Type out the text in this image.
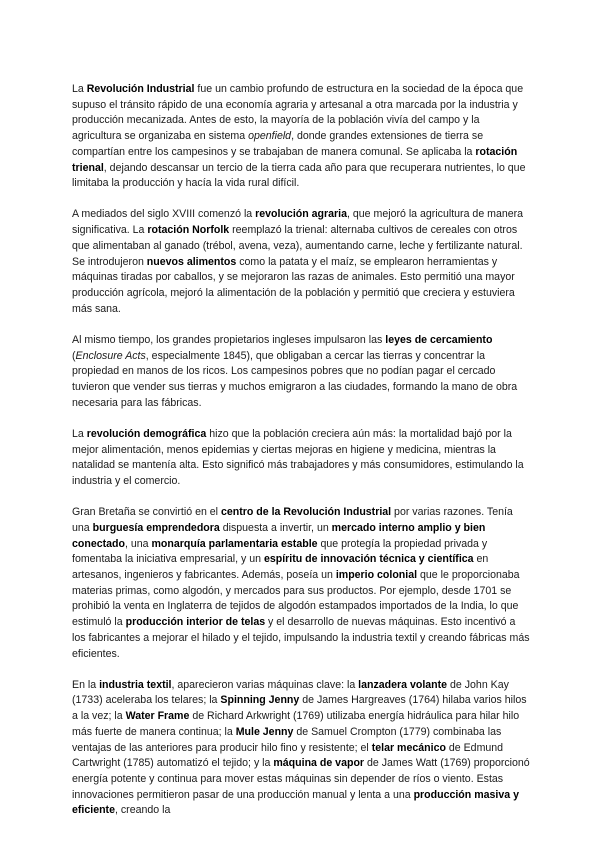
La Revolución Industrial fue un cambio profundo de estructura en la sociedad de la época que supuso el tránsito rápido de una economía agraria y artesanal a otra marcada por la industria y producción mecanizada. Antes de esto, la mayoría de la población vivía del campo y la agricultura se organizaba en sistema openfield, donde grandes extensiones de tierra se compartían entre los campesinos y se trabajaban de manera comunal. Se aplicaba la rotación trienal, dejando descansar un tercio de la tierra cada año para que recuperara nutrientes, lo que limitaba la producción y hacía la vida rural difícil.

A mediados del siglo XVIII comenzó la revolución agraria, que mejoró la agricultura de manera significativa. La rotación Norfolk reemplazó la trienal: alternaba cultivos de cereales con otros que alimentaban al ganado (trébol, avena, veza), aumentando carne, leche y fertilizante natural. Se introdujeron nuevos alimentos como la patata y el maíz, se emplearon herramientas y máquinas tiradas por caballos, y se mejoraron las razas de animales. Esto permitió una mayor producción agrícola, mejoró la alimentación de la población y permitió que creciera y estuviera más sana.

Al mismo tiempo, los grandes propietarios ingleses impulsaron las leyes de cercamiento (Enclosure Acts, especialmente 1845), que obligaban a cercar las tierras y concentrar la propiedad en manos de los ricos. Los campesinos pobres que no podían pagar el cercado tuvieron que vender sus tierras y muchos emigraron a las ciudades, formando la mano de obra necesaria para las fábricas.

La revolución demográfica hizo que la población creciera aún más: la mortalidad bajó por la mejor alimentación, menos epidemias y ciertas mejoras en higiene y medicina, mientras la natalidad se mantenía alta. Esto significó más trabajadores y más consumidores, estimulando la industria y el comercio.

Gran Bretaña se convirtió en el centro de la Revolución Industrial por varias razones. Tenía una burguesía emprendedora dispuesta a invertir, un mercado interno amplio y bien conectado, una monarquía parlamentaria estable que protegía la propiedad privada y fomentaba la iniciativa empresarial, y un espíritu de innovación técnica y científica en artesanos, ingenieros y fabricantes. Además, poseía un imperio colonial que le proporcionaba materias primas, como algodón, y mercados para sus productos. Por ejemplo, desde 1701 se prohibió la venta en Inglaterra de tejidos de algodón estampados importados de la India, lo que estimuló la producción interior de telas y el desarrollo de nuevas máquinas. Esto incentivó a los fabricantes a mejorar el hilado y el tejido, impulsando la industria textil y creando fábricas más eficientes.

En la industria textil, aparecieron varias máquinas clave: la lanzadera volante de John Kay (1733) aceleraba los telares; la Spinning Jenny de James Hargreaves (1764) hilaba varios hilos a la vez; la Water Frame de Richard Arkwright (1769) utilizaba energía hidráulica para hilar hilo más fuerte de manera continua; la Mule Jenny de Samuel Crompton (1779) combinaba las ventajas de las anteriores para producir hilo fino y resistente; el telar mecánico de Edmund Cartwright (1785) automatizó el tejido; y la máquina de vapor de James Watt (1769) proporcionó energía potente y continua para mover estas máquinas sin depender de ríos o viento. Estas innovaciones permitieron pasar de una producción manual y lenta a una producción masiva y eficiente, creando la
